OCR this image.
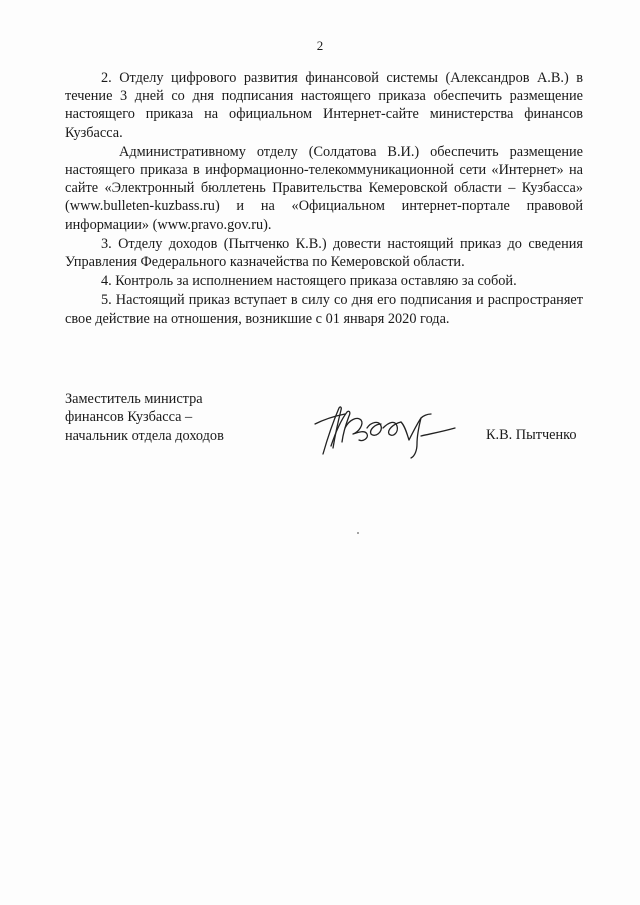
2

2. Отделу цифрового развития финансовой системы (Александров А.В.) в течение 3 дней со дня подписания настоящего приказа обеспечить размещение настоящего приказа на официальном Интернет-сайте министерства финансов Кузбасса.

Административному отделу (Солдатова В.И.) обеспечить размещение настоящего приказа в информационно-телекоммуникационной сети «Интернет» на сайте «Электронный бюллетень Правительства Кемеровской области – Кузбасса» (www.bulleten-kuzbass.ru) и на «Официальном интернет-портале правовой информации» (www.pravo.gov.ru).

3. Отделу доходов (Пытченко К.В.) довести настоящий приказ до сведения Управления Федерального казначейства по Кемеровской области.

4. Контроль за исполнением настоящего приказа оставляю за собой.

5. Настоящий приказ вступает в силу со дня его подписания и распространяет свое действие на отношения, возникшие с 01 января 2020 года.

Заместитель министра
финансов Кузбасса –
начальник отдела доходов	К.В. Пытченко
